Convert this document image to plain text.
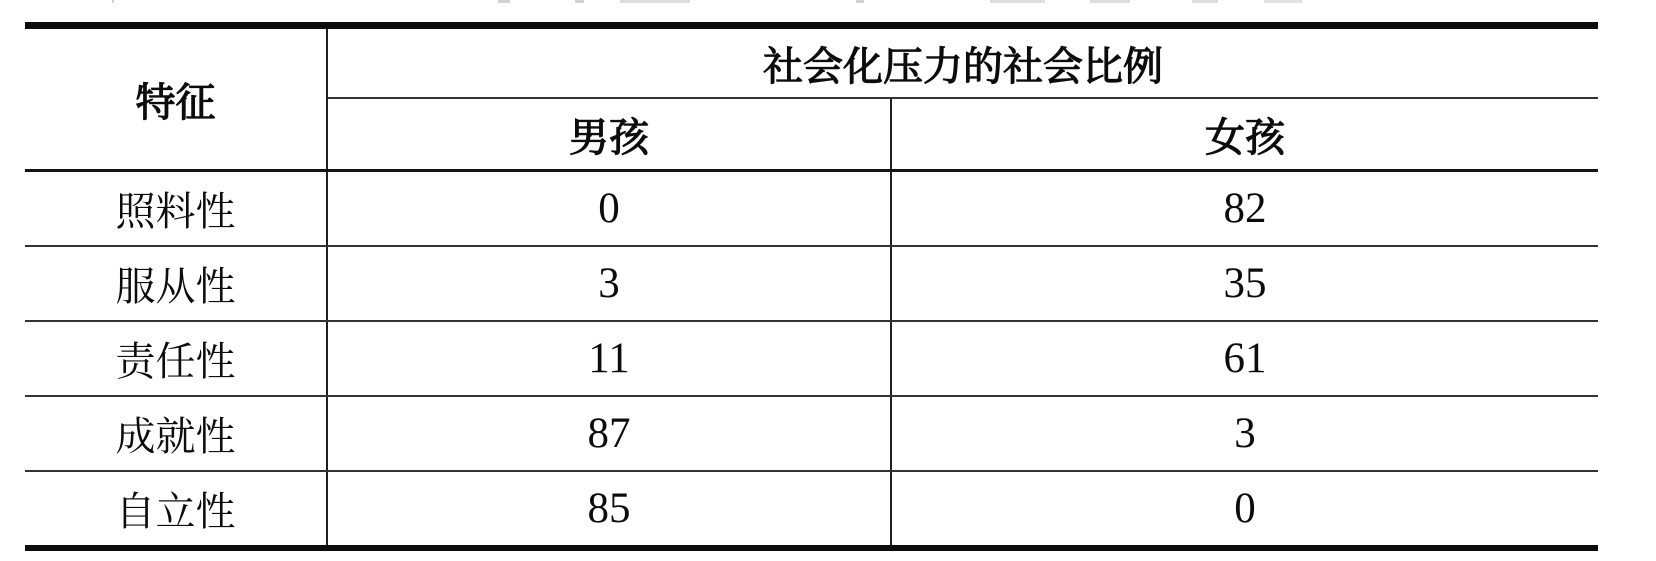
特征	社会化压力的社会比例	
	男孩	女孩
照料性	0	82
服从性	3	35
责任性	11	61
成就性	87	3
自立性	85	0
